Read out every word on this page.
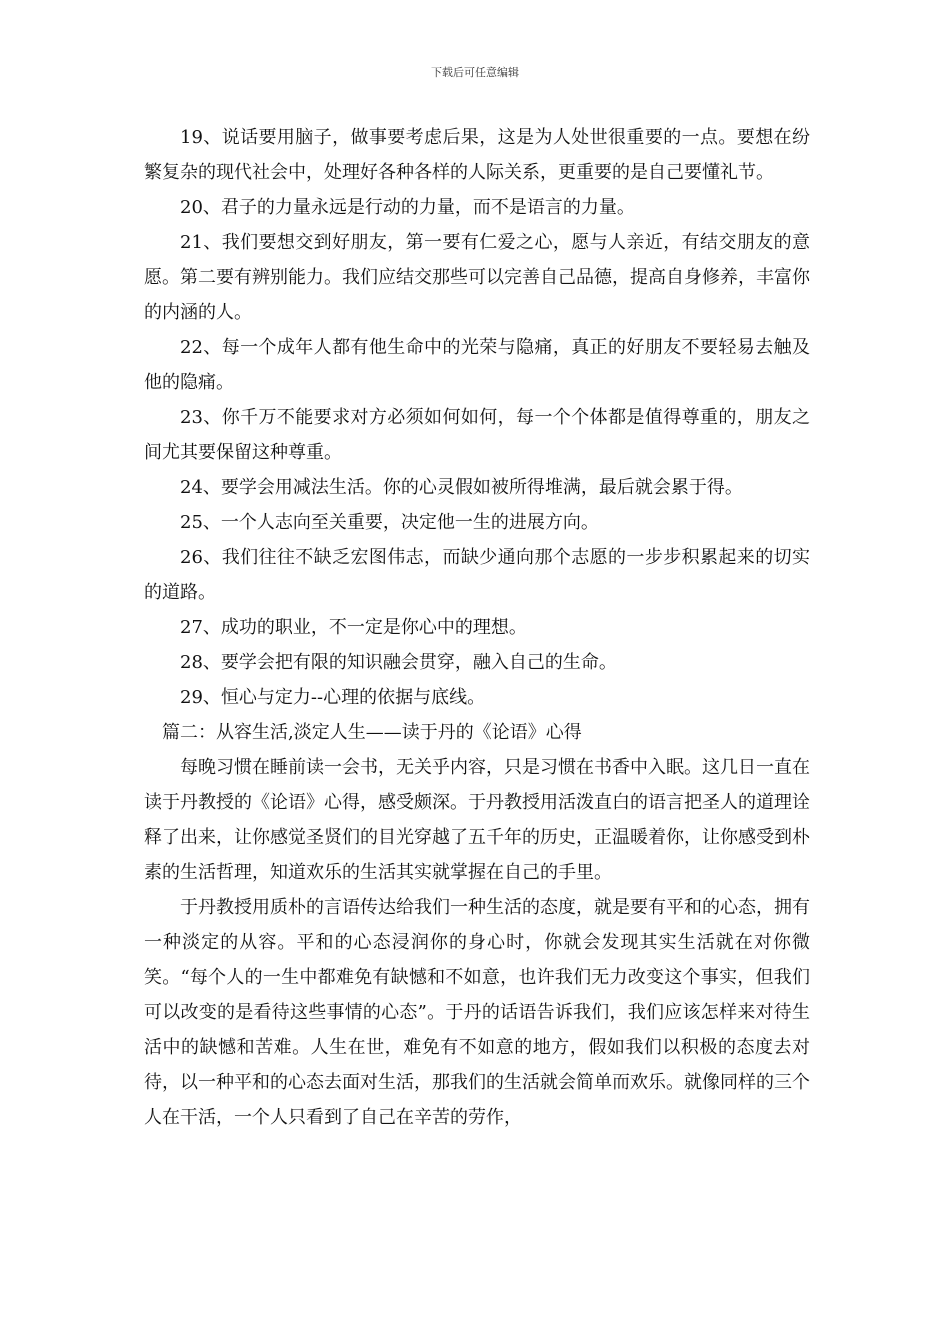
下载后可任意编辑

19、说话要用脑子，做事要考虑后果，这是为人处世很重要的一点。要想在纷繁复杂的现代社会中，处理好各种各样的人际关系，更重要的是自己要懂礼节。

20、君子的力量永远是行动的力量，而不是语言的力量。

21、我们要想交到好朋友，第一要有仁爱之心，愿与人亲近，有结交朋友的意愿。第二要有辨别能力。我们应结交那些可以完善自己品德，提高自身修养，丰富你的内涵的人。

22、每一个成年人都有他生命中的光荣与隐痛，真正的好朋友不要轻易去触及他的隐痛。

23、你千万不能要求对方必须如何如何，每一个个体都是值得尊重的，朋友之间尤其要保留这种尊重。

24、要学会用减法生活。你的心灵假如被所得堆满，最后就会累于得。

25、一个人志向至关重要，决定他一生的进展方向。

26、我们往往不缺乏宏图伟志，而缺少通向那个志愿的一步步积累起来的切实的道路。

27、成功的职业，不一定是你心中的理想。

28、要学会把有限的知识融会贯穿，融入自己的生命。

29、恒心与定力--心理的依据与底线。

篇二：从容生活,淡定人生——读于丹的《论语》心得

每晚习惯在睡前读一会书，无关乎内容，只是习惯在书香中入眠。这几日一直在读于丹教授的《论语》心得，感受颇深。于丹教授用活泼直白的语言把圣人的道理诠释了出来，让你感觉圣贤们的目光穿越了五千年的历史，正温暖着你，让你感受到朴素的生活哲理，知道欢乐的生活其实就掌握在自己的手里。

于丹教授用质朴的言语传达给我们一种生活的态度，就是要有平和的心态，拥有一种淡定的从容。平和的心态浸润你的身心时，你就会发现其实生活就在对你微笑。“每个人的一生中都难免有缺憾和不如意，也许我们无力改变这个事实，但我们可以改变的是看待这些事情的心态”。于丹的话语告诉我们，我们应该怎样来对待生活中的缺憾和苦难。人生在世，难免有不如意的地方，假如我们以积极的态度去对待，以一种平和的心态去面对生活，那我们的生活就会简单而欢乐。就像同样的三个人在干活，一个人只看到了自己在辛苦的劳作，
